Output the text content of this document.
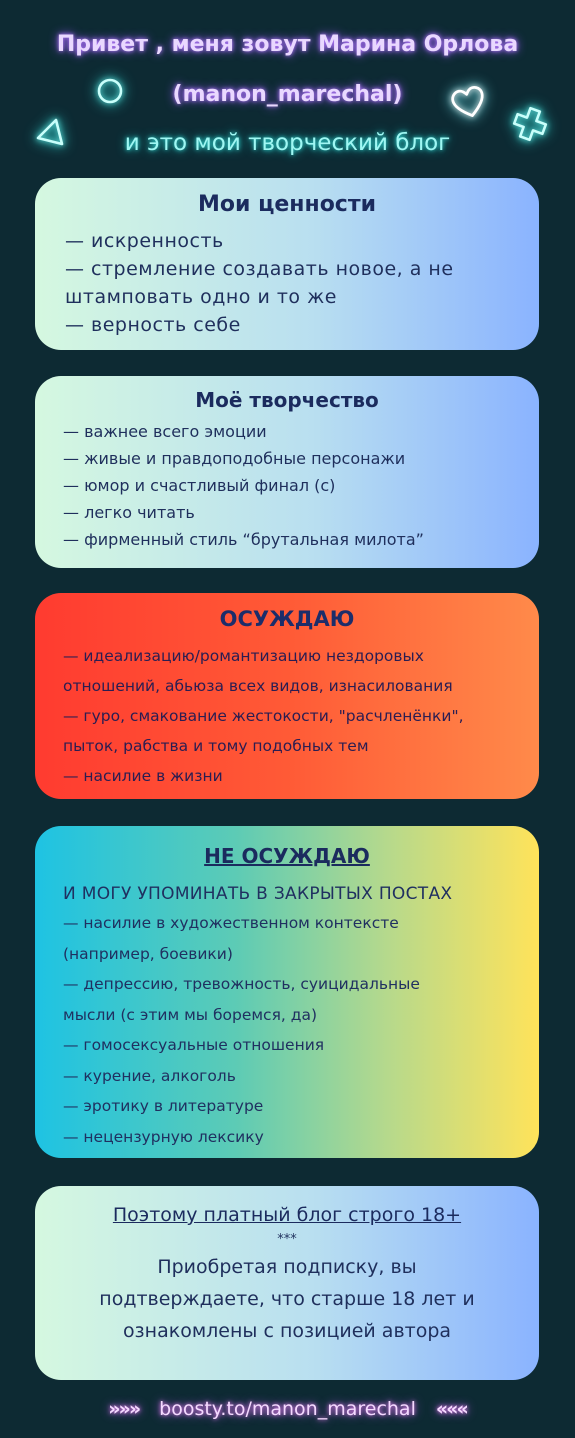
Привет , меня зовут Марина Орлова
(manon_marechal)
и это мой творческий блог
Мои ценности
— искренность
— стремление создавать новое, а не
штамповать одно и то же
— верность себе
Моё творчество
— важнее всего эмоции
— живые и правдоподобные персонажи
— юмор и счастливый финал (с)
— легко читать
— фирменный стиль “брутальная милота”
ОСУЖДАЮ
— идеализацию/романтизацию нездоровых
отношений, абьюза всех видов, изнасилования
— гуро, смакование жестокости, "расчленёнки",
пыток, рабства и тому подобных тем
— насилие в жизни
НЕ ОСУЖДАЮ
И МОГУ УПОМИНАТЬ В ЗАКРЫТЫХ ПОСТАХ
— насилие в художественном контексте
(например, боевики)
— депрессию, тревожность, суицидальные
мысли (с этим мы боремся, да)
— гомосексуальные отношения
— курение, алкоголь
— эротику в литературе
— нецензурную лексику
Поэтому платный блог строго 18+
***
Приобретая подписку, вы
подтверждаете, что старше 18 лет и
ознакомлены с позицией автора
»»» boosty.to/manon_marechal «««
